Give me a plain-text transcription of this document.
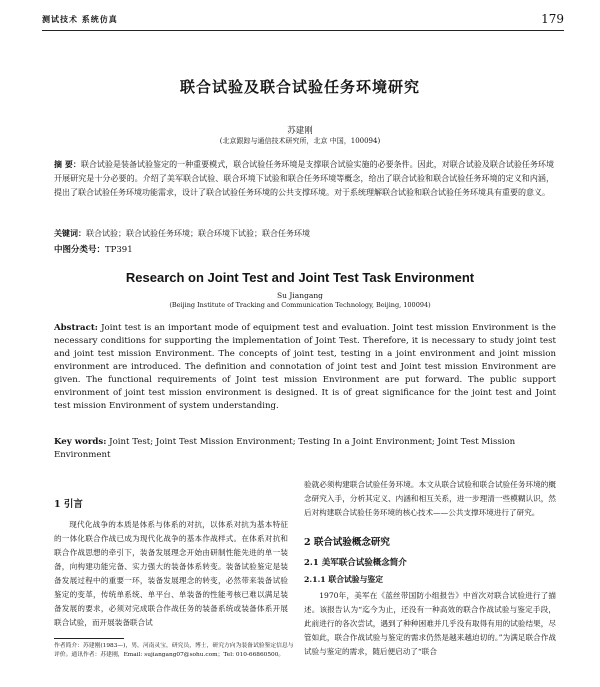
测试技术 系统仿真	179
联合试验及联合试验任务环境研究
苏建刚
(北京跟踪与通信技术研究所，北京 中国，100094)
摘 要：联合试验是装备试验鉴定的一种重要模式，联合试验任务环境是支撑联合试验实施的必要条件。因此，对联合试验及联合试验任务环境开展研究是十分必要的。介绍了美军联合试验、联合环境下试验和联合任务环境等概念，给出了联合试验和联合试验任务环境的定义和内涵，提出了联合试验任务环境功能需求，设计了联合试验任务环境的公共支撑环境。对于系统理解联合试验和联合试验任务环境具有重要的意义。
关键词：联合试验；联合试验任务环境；联合环境下试验；联合任务环境
中图分类号：TP391
Research on Joint Test and Joint Test Task Environment
Su Jiangang
(Beijing Institute of Tracking and Communication Technology, Beijing, 100094)
Abstract: Joint test is an important mode of equipment test and evaluation. Joint test mission Environment is the necessary conditions for supporting the implementation of Joint Test. Therefore, it is necessary to study joint test and joint test mission Environment. The concepts of joint test, testing in a joint environment and joint mission environment are introduced. The definition and connotation of joint test and Joint test mission Environment are given. The functional requirements of Joint test mission Environment are put forward. The public support environment of joint test mission environment is designed. It is of great significance for the joint test and Joint test mission Environment of system understanding.
Key words: Joint Test; Joint Test Mission Environment; Testing In a Joint Environment; Joint Test Mission Environment
1 引言
现代化战争的本质是体系与体系的对抗，以体系对抗为基本特征的一体化联合作战已成为现代化战争的基本作战样式。在体系对抗和联合作战思想的牵引下，装备发展理念开始由研制性能先进的单一装备，向构建功能完备、实力强大的装备体系转变。装备试验鉴定是装备发展过程中的重要一环，装备发展理念的转变，必然带来装备试验鉴定的变革，传统单系统、单平台、单装备的性能考核已难以满足装备发展的要求，必须对完成联合作战任务的装备系统或装备体系开展联合试验，而开展装备联合试
作者简介：苏建刚(1983—)，男，河南灵宝，研究员，博士，研究方向为装备试验鉴定信息与评价。通讯作者：苏建刚，Email: sujiangang07@sohu.com；Tel: 010-66860500。
验就必须构建联合试验任务环境。本文从联合试验和联合试验任务环境的概念研究入手，分析其定义、内涵和相互关系，进一步理清一些模糊认识，然后对构建联合试验任务环境的核心技术——公共支撑环境进行了研究。
2 联合试验概念研究
2.1 美军联合试验概念简介
2.1.1 联合试验与鉴定
1970年，美军在《蓝丝带国防小组报告》中首次对联合试验进行了描述。该报告认为“迄今为止，还没有一种高效的联合作战试验与鉴定手段，此前进行的各次尝试，遇到了种种困难并几乎没有取得有用的试验结果，尽管如此，联合作战试验与鉴定的需求仍然是越来越迫切的。”为满足联合作战试验与鉴定的需求，随后便启动了“联合
